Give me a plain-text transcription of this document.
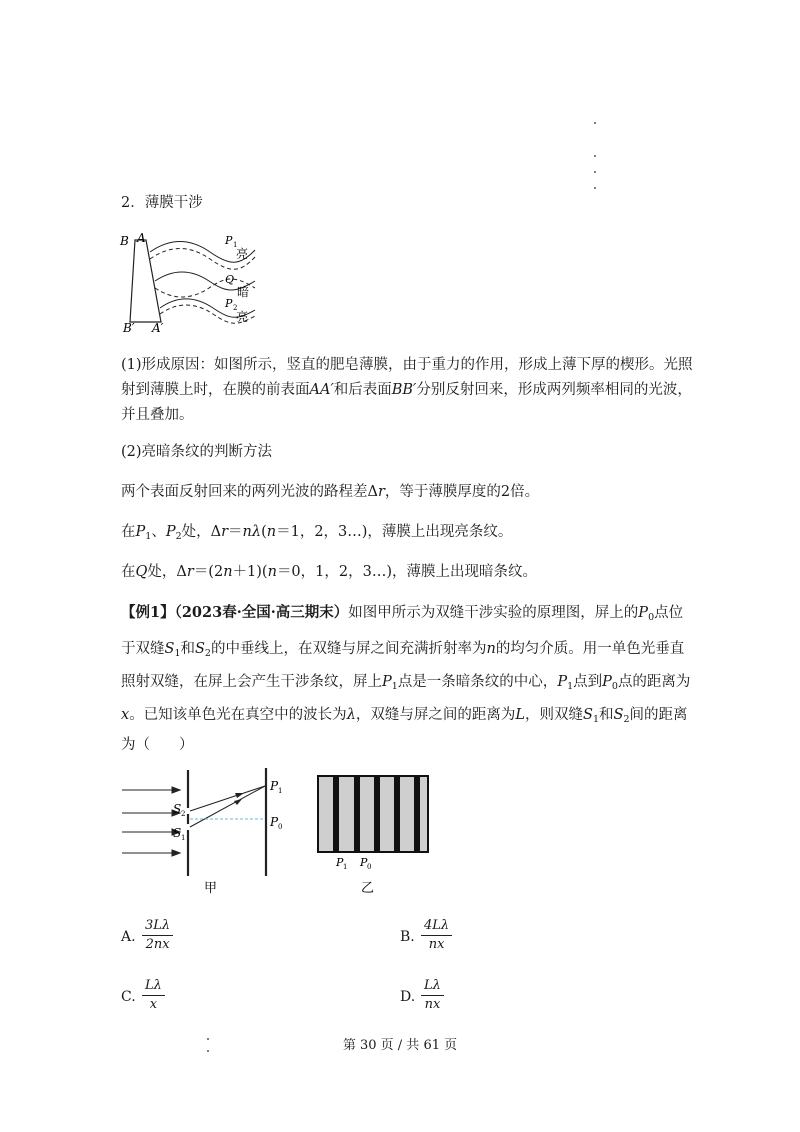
2．薄膜干涉
B A
B′ A′
P 1
亮
Q
暗
P 2
亮
(1)形成原因：如图所示，竖直的肥皂薄膜，由于重力的作用，形成上薄下厚的楔形。光照
射到薄膜上时，在膜的前表面AA′和后表面BB′分别反射回来，形成两列频率相同的光波，
并且叠加。
(2)亮暗条纹的判断方法
两个表面反射回来的两列光波的路程差Δr，等于薄膜厚度的2倍。
在$P_1$、$P_2$处，Δr＝nλ(n＝1，2，3…)，薄膜上出现亮条纹。
在Q处，Δr＝(2n＋1)(n＝0，1，2，3…)，薄膜上出现暗条纹。
【例1】（2023春·全国·高三期末）如图甲所示为双缝干涉实验的原理图，屏上的$P_0$点位
于双缝$S_1$和$S_2$的中垂线上，在双缝与屏之间充满折射率为n的均匀介质。用一单色光垂直
照射双缝，在屏上会产生干涉条纹，屏上$P_1$点是一条暗条纹的中心，$P_1$点到$P_0$点的距离为
x。已知该单色光在真空中的波长为λ，双缝与屏之间的距离为L，则双缝$S_1$和$S_2$间的距离
为（　　）
S 2
S 1
P 1
P 0
甲
P 1 P 0
乙
A. $\frac{3L\lambda}{2nx}$	B. $\frac{4L\lambda}{nx}$
C. $\frac{L\lambda}{x}$	D. $\frac{L\lambda}{nx}$
第 30 页 / 共 61 页
